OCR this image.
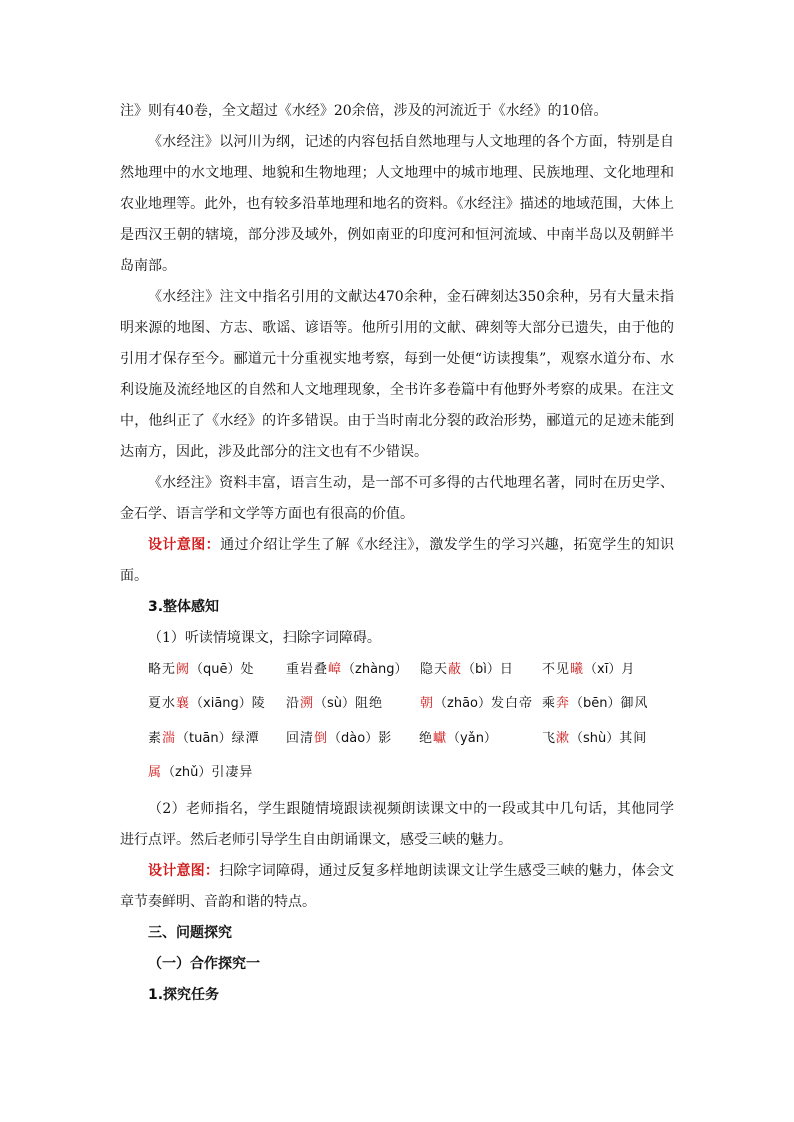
注》则有40卷，全文超过《水经》20余倍，涉及的河流近于《水经》的10倍。

《水经注》以河川为纲，记述的内容包括自然地理与人文地理的各个方面，特别是自然地理中的水文地理、地貌和生物地理；人文地理中的城市地理、民族地理、文化地理和农业地理等。此外，也有较多沿革地理和地名的资料。《水经注》描述的地域范围，大体上是西汉王朝的辖境，部分涉及域外，例如南亚的印度河和恒河流域、中南半岛以及朝鲜半岛南部。

《水经注》注文中指名引用的文献达470余种，金石碑刻达350余种，另有大量未指明来源的地图、方志、歌谣、谚语等。他所引用的文献、碑刻等大部分已遗失，由于他的引用才保存至今。郦道元十分重视实地考察，每到一处便“访读搜集”，观察水道分布、水利设施及流经地区的自然和人文地理现象，全书许多卷篇中有他野外考察的成果。在注文中，他纠正了《水经》的许多错误。由于当时南北分裂的政治形势，郦道元的足迹未能到达南方，因此，涉及此部分的注文也有不少错误。

《水经注》资料丰富，语言生动，是一部不可多得的古代地理名著，同时在历史学、金石学、语言学和文学等方面也有很高的价值。

设计意图：通过介绍让学生了解《水经注》，激发学生的学习兴趣，拓宽学生的知识面。

3.整体感知

（1）听读情境课文，扫除字词障碍。

略无阙（quē）处 重岩叠嶂（zhàng） 隐天蔽（bì）日 不见曦（xī）月
夏水襄（xiāng）陵 沿溯（sù）阻绝	朝（zhāo）发白帝 乘奔（bēn）御风
素湍（tuān）绿潭 回清倒（dào）影 绝巘（yǎn）	飞漱（shù）其间
属（zhǔ）引凄异

（2）老师指名，学生跟随情境跟读视频朗读课文中的一段或其中几句话，其他同学进行点评。然后老师引导学生自由朗诵课文，感受三峡的魅力。

设计意图：扫除字词障碍，通过反复多样地朗读课文让学生感受三峡的魅力，体会文章节奏鲜明、音韵和谐的特点。

三、问题探究

（一）合作探究一

1.探究任务
